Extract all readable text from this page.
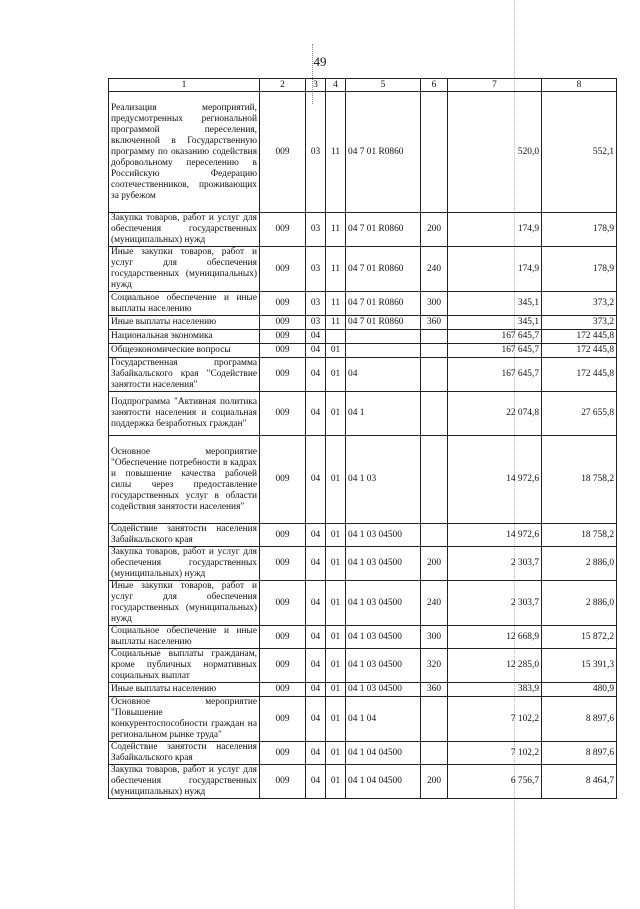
49
1	2	3	4	5	6	7	8
Реализация мероприятий, предусмотренных региональной программой переселения, включенной в Государственную программу по оказанию содействия добровольному переселению в Российскую Федерацию соотечественников, проживающих за рубежом	009	03	11	04 7 01 R0860		520,0	552,1
Закупка товаров, работ и услуг для обеспечения государственных (муниципальных) нужд	009	03	11	04 7 01 R0860	200	174,9	178,9
Иные закупки товаров, работ и услуг для обеспечения государственных (муниципальных) нужд	009	03	11	04 7 01 R0860	240	174,9	178,9
Социальное обеспечение и иные выплаты населению	009	03	11	04 7 01 R0860	300	345,1	373,2
Иные выплаты населению	009	03	11	04 7 01 R0860	360	345,1	373,2
Национальная экономика	009	04				167 645,7	172 445,8
Общеэкономические вопросы	009	04	01			167 645,7	172 445,8
Государственная программа Забайкальского края "Содействие занятости населения"	009	04	01	04		167 645,7	172 445,8
Подпрограмма "Активная политика занятости населения и социальная поддержка безработных граждан"	009	04	01	04 1		22 074,8	27 655,8
Основное мероприятие "Обеспечение потребности в кадрах и повышение качества рабочей силы через предоставление государственных услуг в области содействия занятости населения"	009	04	01	04 1 03		14 972,6	18 758,2
Содействие занятости населения Забайкальского края	009	04	01	04 1 03 04500		14 972,6	18 758,2
Закупка товаров, работ и услуг для обеспечения государственных (муниципальных) нужд	009	04	01	04 1 03 04500	200	2 303,7	2 886,0
Иные закупки товаров, работ и услуг для обеспечения государственных (муниципальных) нужд	009	04	01	04 1 03 04500	240	2 303,7	2 886,0
Социальное обеспечение и иные выплаты населению	009	04	01	04 1 03 04500	300	12 668,9	15 872,2
Социальные выплаты гражданам, кроме публичных нормативных социальных выплат	009	04	01	04 1 03 04500	320	12 285,0	15 391,3
Иные выплаты населению	009	04	01	04 1 03 04500	360	383,9	480,9
Основное мероприятие "Повышение конкурентоспособности граждан на региональном рынке труда"	009	04	01	04 1 04		7 102,2	8 897,6
Содействие занятости населения Забайкальского края	009	04	01	04 1 04 04500		7 102,2	8 897,6
Закупка товаров, работ и услуг для обеспечения государственных (муниципальных) нужд	009	04	01	04 1 04 04500	200	6 756,7	8 464,7
